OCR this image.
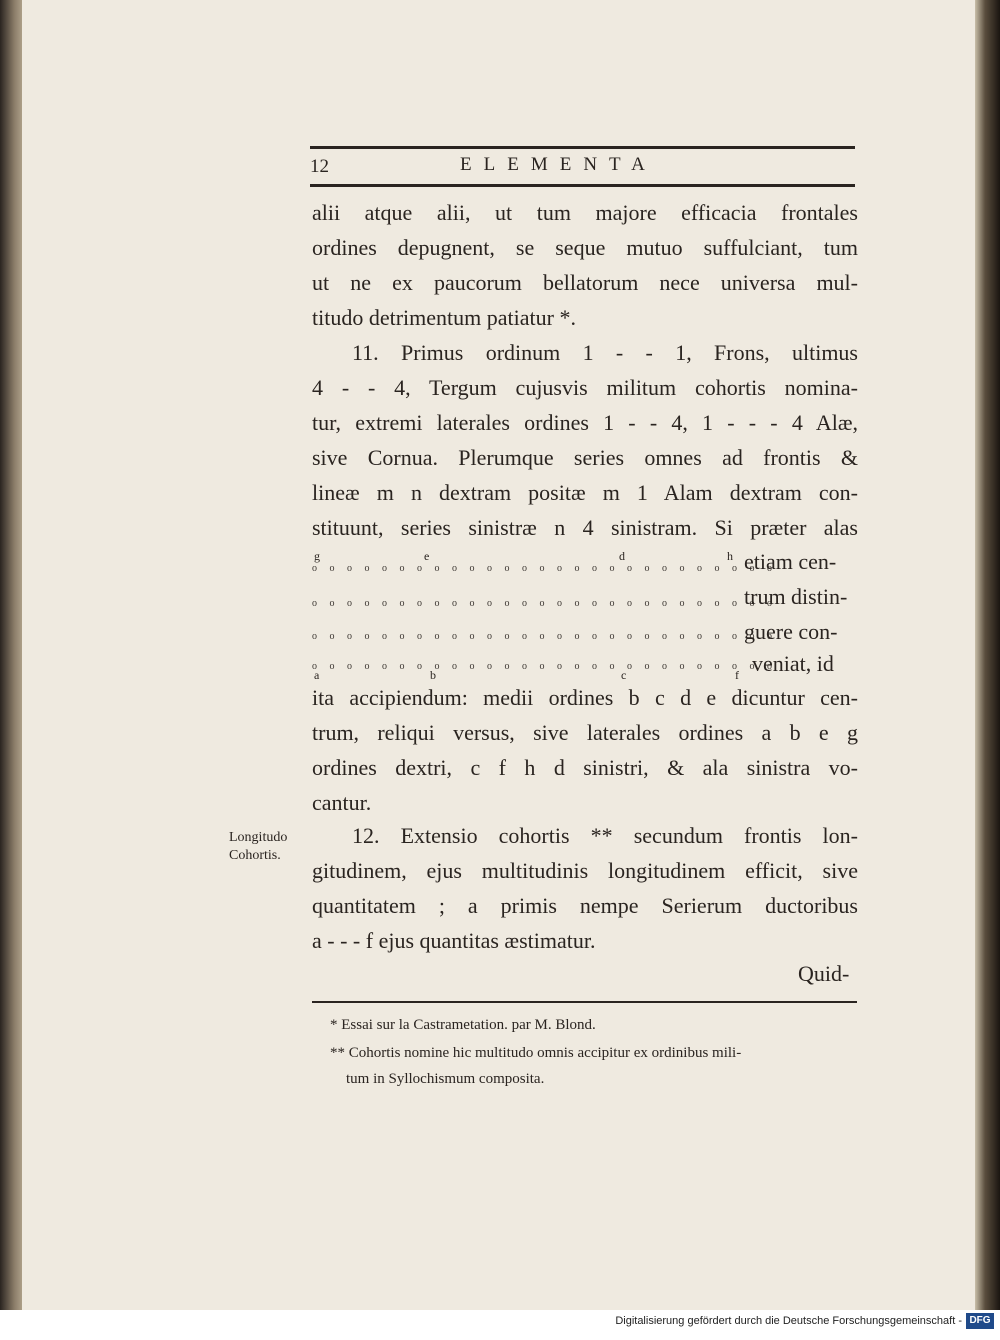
12	ELEMENTA
alii atque alii, ut tum majore efficacia frontales
ordines depugnent, se seque mutuo suffulciant, tum
ut ne ex paucorum bellatorum nece universa mul-
titudo detrimentum patiatur *.
11. Primus ordinum 1 - - 1, Frons, ultimus
4 - - 4, Tergum cujusvis militum cohortis nomina-
tur, extremi laterales ordines 1 - - 4, 1 - - - 4 Alæ,
sive Cornua. Plerumque series omnes ad frontis &
lineæ m n dextram positæ m 1 Alam dextram con-
stituunt, series sinistræ n 4 sinistram. Si præter alas
g	e	d	h
o o o o o o o o o o o o o o o o o o o o o o o o o o o
o o o o o o o o o o o o o o o o o o o o o o o o o o o
o o o o o o o o o o o o o o o o o o o o o o o o o o o
o o o o o o o o o o o o o o o o o o o o o o o o o o o
a	b	c	f
etiam cen-
trum distin-
guere con-
veniat, id
ita accipiendum: medii ordines b c d e dicuntur cen-
trum, reliqui versus, sive laterales ordines a b e g
ordines dextri, c f h d sinistri, & ala sinistra vo-
cantur.
12. Extensio cohortis ** secundum frontis lon-
gitudinem, ejus multitudinis longitudinem efficit, sive
quantitatem ; a primis nempe Serierum ductoribus
a - - - f ejus quantitas æstimatur.
Longitudo
Cohortis.
Quid-
* Essai sur la Castrametation. par M. Blond.
** Cohortis nomine hic multitudo omnis accipitur ex ordinibus mili-
tum in Syllochismum composita.
Digitalisierung gefördert durch die Deutsche Forschungsgemeinschaft - DFG
